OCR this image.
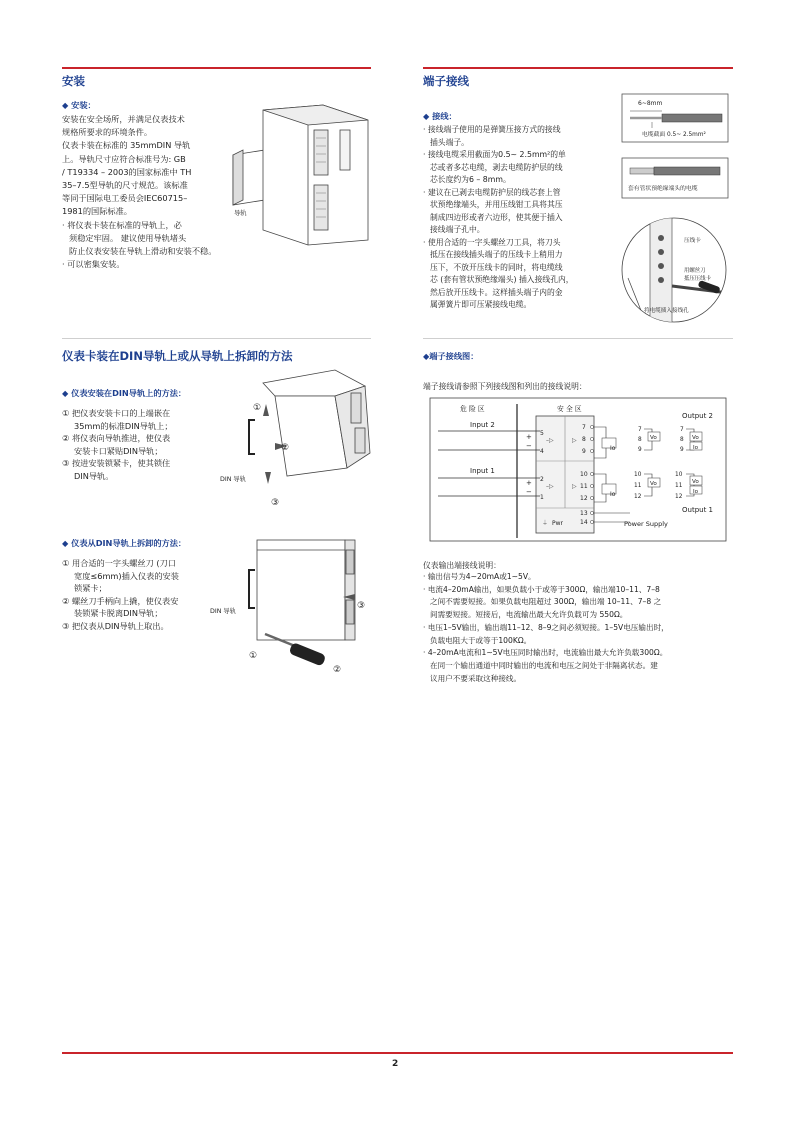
安装
◆ 安装：
安装在安全场所，并满足仪表技术
规格所要求的环境条件。
仪表卡装在标准的 35mmDIN 导轨
上。导轨尺寸应符合标准号为: GB
/ T19334 – 2003的国家标准中 TH
35–7.5型导轨的尺寸规范。该标准
等同于国际电工委员会IEC60715–
1981的国际标准。
· 将仪表卡装在标准的导轨上，必
须稳定牢固。 建议使用导轨堵头
防止仪表安装在导轨上滑动和安装不稳。
· 可以密集安装。
导轨
仪表卡装在DIN导轨上或从导轨上拆卸的方法
◆ 仪表安装在DIN导轨上的方法：
① 把仪表安装卡口的上端嵌在
35mm的标准DIN导轨上；
② 将仪表向导轨推进，使仪表
安装卡口紧贴DIN导轨；
③ 按进安装锁紧卡，使其锁住
DIN导轨。
①
②
③
DIN 导轨
◆ 仪表从DIN导轨上拆卸的方法：
① 用合适的一字头螺丝刀 (刀口
宽度≤6mm)插入仪表的安装
锁紧卡；
② 螺丝刀手柄向上撬，使仪表安
装锁紧卡脱离DIN导轨；
③ 把仪表从DIN导轨上取出。
①
②
③
DIN 导轨
端子接线
◆ 接线：
· 接线端子使用的是弹簧压接方式的接线
插头端子。
· 接线电缆采用截面为0.5~ 2.5mm²的单
芯或者多芯电缆，剥去电缆防护层的线
芯长度约为6 – 8mm。
· 建议在已剥去电缆防护层的线芯套上管
状预绝缘端头，并用压线钳工具将其压
制成四边形或者六边形，使其便于插入
接线端子孔中。
· 使用合适的一字头螺丝刀工具，将刀头
抵压在接线插头端子的压线卡上稍用力
压下，不放开压线卡的同时，将电缆线
芯 (套有管状预绝缘端头) 插入接线孔内，
然后放开压线卡。这样插头端子内的金
属弹簧片即可压紧接线电缆。
6~8mm
电缆截面 0.5~ 2.5mm²
套有管状预绝缘端头的电缆
压线卡
用螺丝刀
抵压压线卡
将电缆插入接线孔
◆端子接线图：
端子接线请参照下列接线图和列出的接线说明：
危 险 区	安 全 区
Input 2
+
−
5
4
▷
–▷
Input 1
+
−
2
1
–▷	▷
⏚ Pwr
7
8
9
10
11
12
13
14
Io
Io
Power Supply
Output 2
7
8
9
7
8
9
Vo	Vo
Io
10
11
12
10
11
12
Vo	Vo
Io
Output 1
仪表输出端接线说明：
· 输出信号为4~20mA或1~5V。
· 电流4–20mA输出，如果负载小于或等于300Ω，输出端10–11、7–8
之间不需要短接。如果负载电阻超过 300Ω，输出端 10–11、7–8 之
间需要短接。短接后，电流输出最大允许负载可为 550Ω。
· 电压1–5V输出，输出端11–12、8–9之间必须短接。1–5V电压输出时，
负载电阻大于或等于100KΩ。
· 4–20mA电流和1~5V电压同时输出时，电流输出最大允许负载300Ω。
在同一个输出通道中同时输出的电流和电压之间处于非隔离状态。建
议用户不要采取这种接线。
2
